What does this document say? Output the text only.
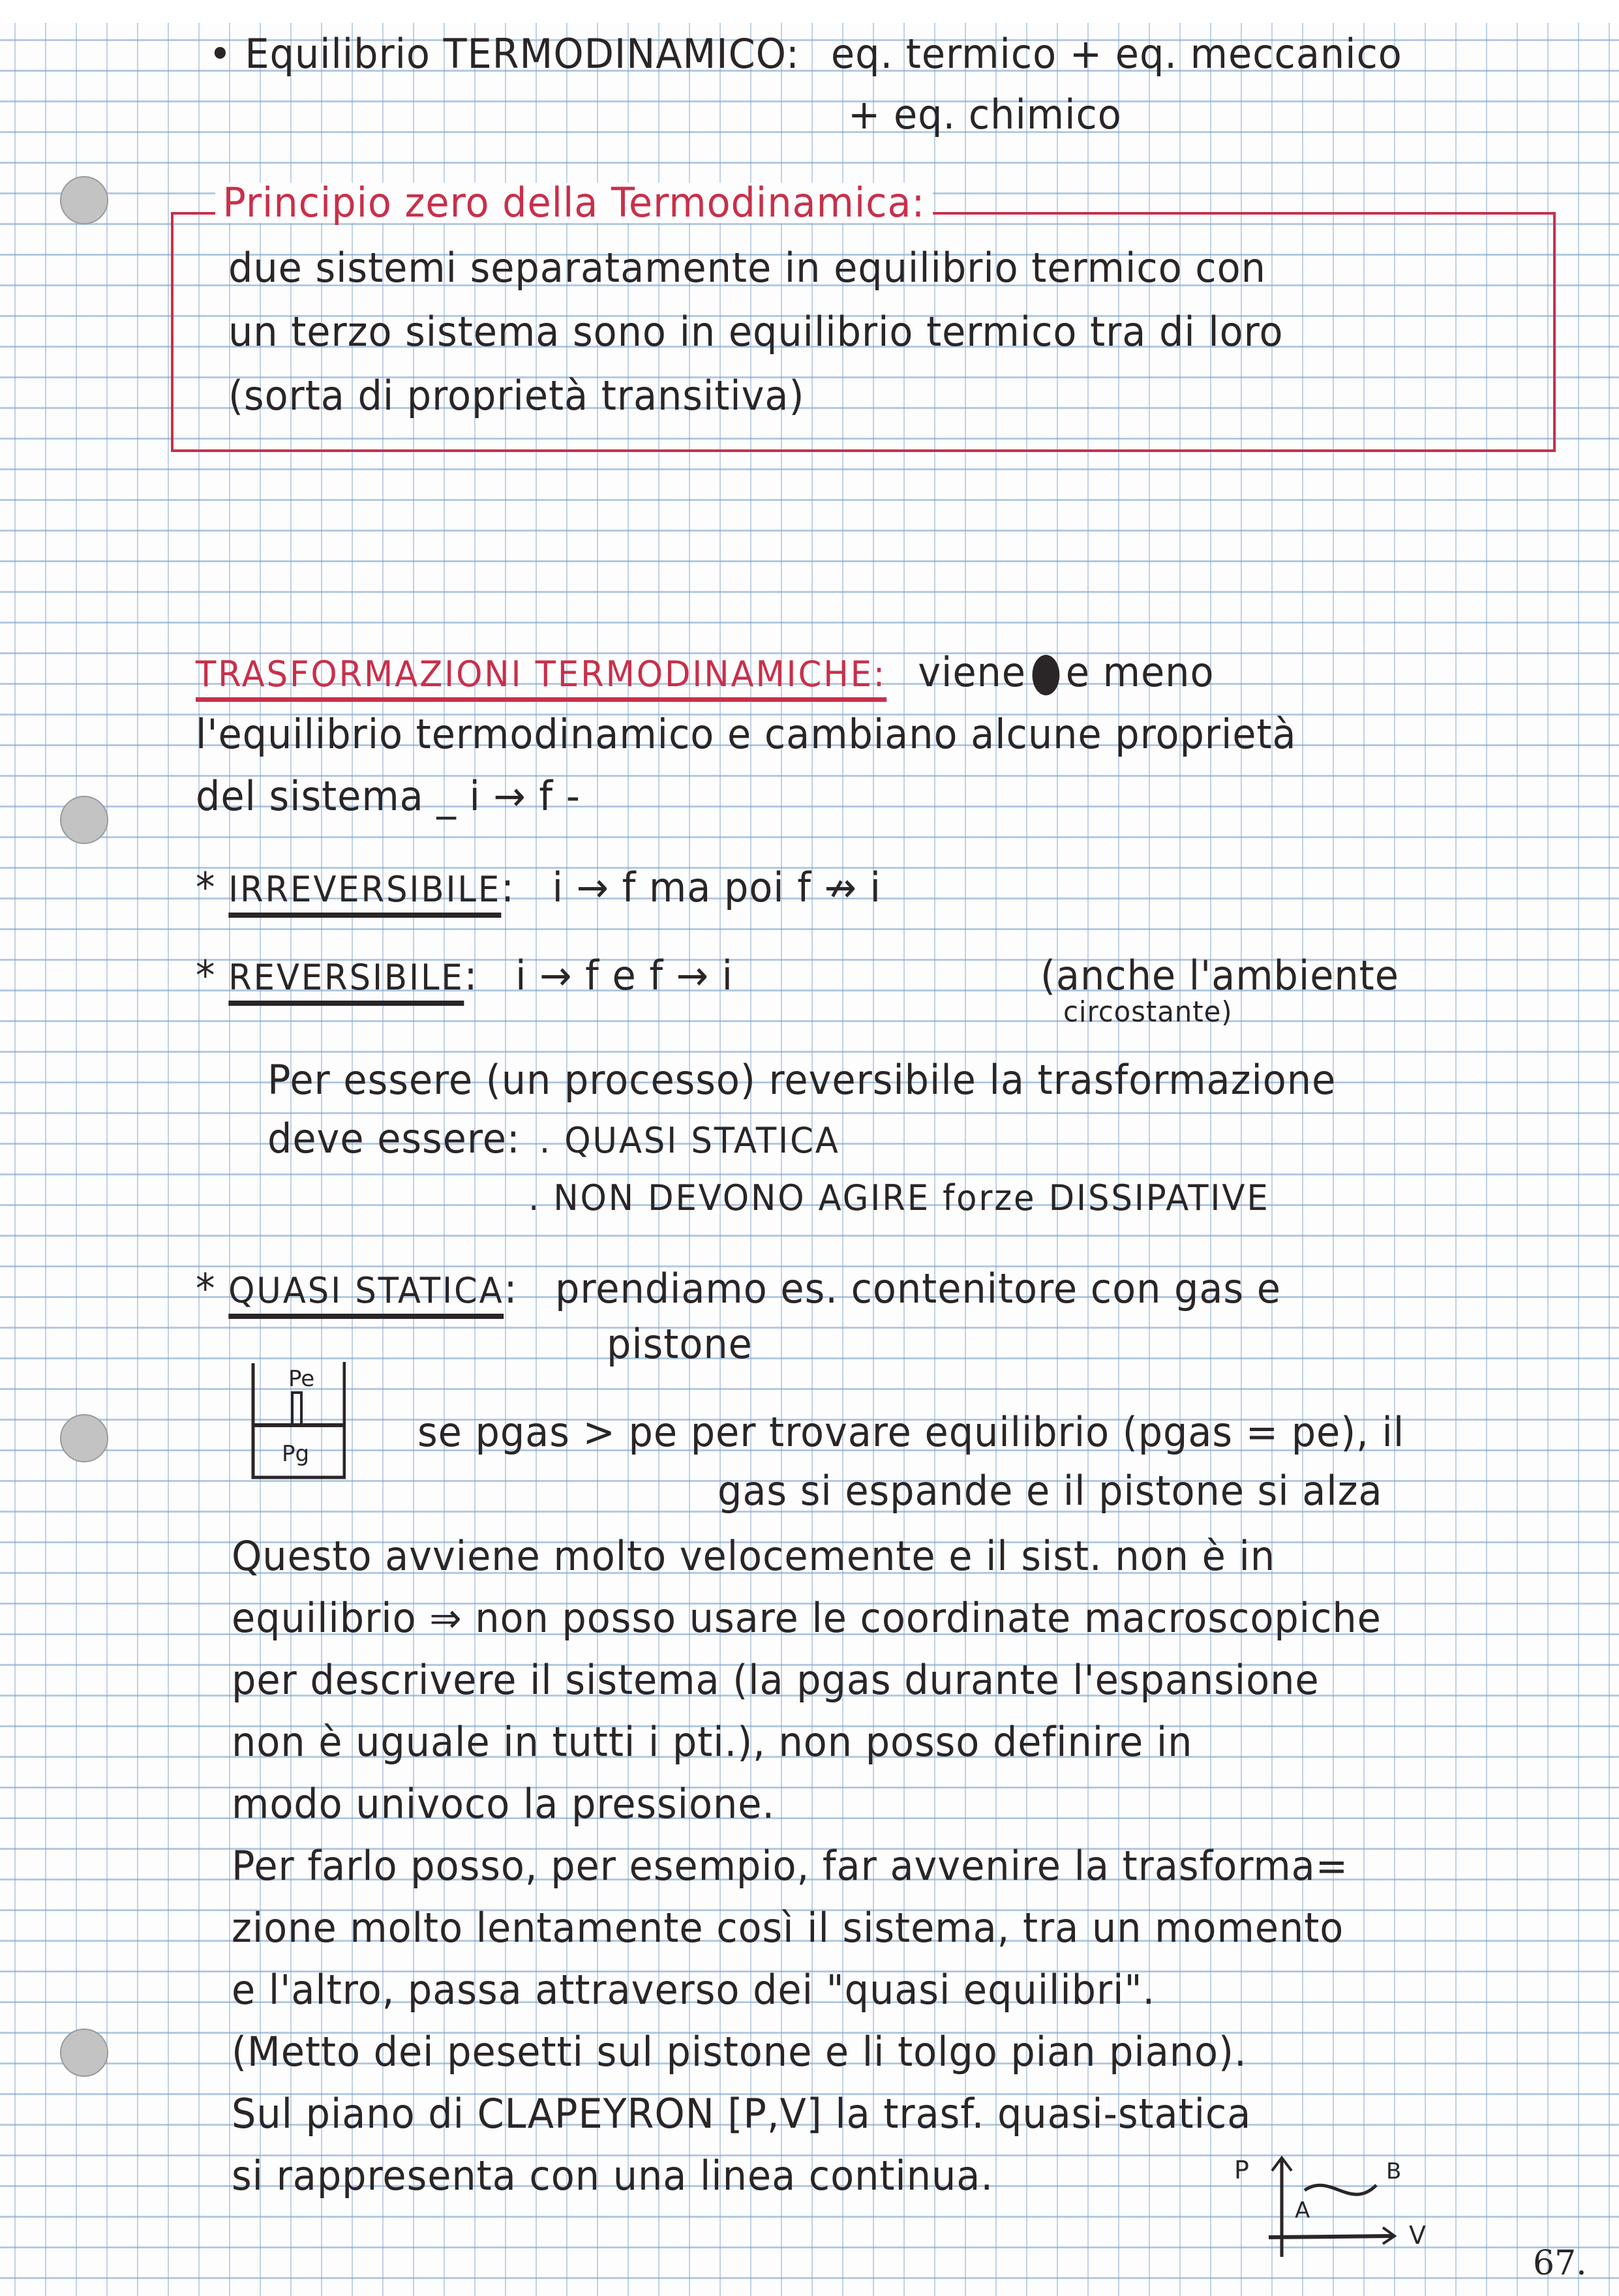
• Equilibrio TERMODINAMICO: eq. termico + eq. meccanico
+ eq. chimico
Principio zero della Termodinamica:
due sistemi separatamente in equilibrio termico con
un terzo sistema sono in equilibrio termico tra di loro
(sorta di proprietà transitiva)
TRASFORMAZIONI TERMODINAMICHE: viene e meno
l'equilibrio termodinamico e cambiano alcune proprietà
del sistema _ i → f -
* IRREVERSIBILE: i → f ma poi f ↛ i
* REVERSIBILE: i → f e f → i	(anche l'ambiente
circostante)
Per essere (un processo) reversibile la trasformazione
deve essere: . QUASI STATICA
. NON DEVONO AGIRE forze DISSIPATIVE
* QUASI STATICA: prendiamo es. contenitore con gas e
pistone
Pe
Pg	se pgas > pe per trovare equilibrio (pgas = pe), il
gas si espande e il pistone si alza
Questo avviene molto velocemente e il sist. non è in
equilibrio ⇒ non posso usare le coordinate macroscopiche
per descrivere il sistema (la pgas durante l'espansione
non è uguale in tutti i pti.), non posso definire in
modo univoco la pressione.
Per farlo posso, per esempio, far avvenire la trasforma=
zione molto lentamente così il sistema, tra un momento
e l'altro, passa attraverso dei "quasi equilibri".
(Metto dei pesetti sul pistone e li tolgo pian piano).
Sul piano di CLAPEYRON [P,V] la trasf. quasi-statica
si rappresenta con una linea continua.	P
V
A
B
67.
